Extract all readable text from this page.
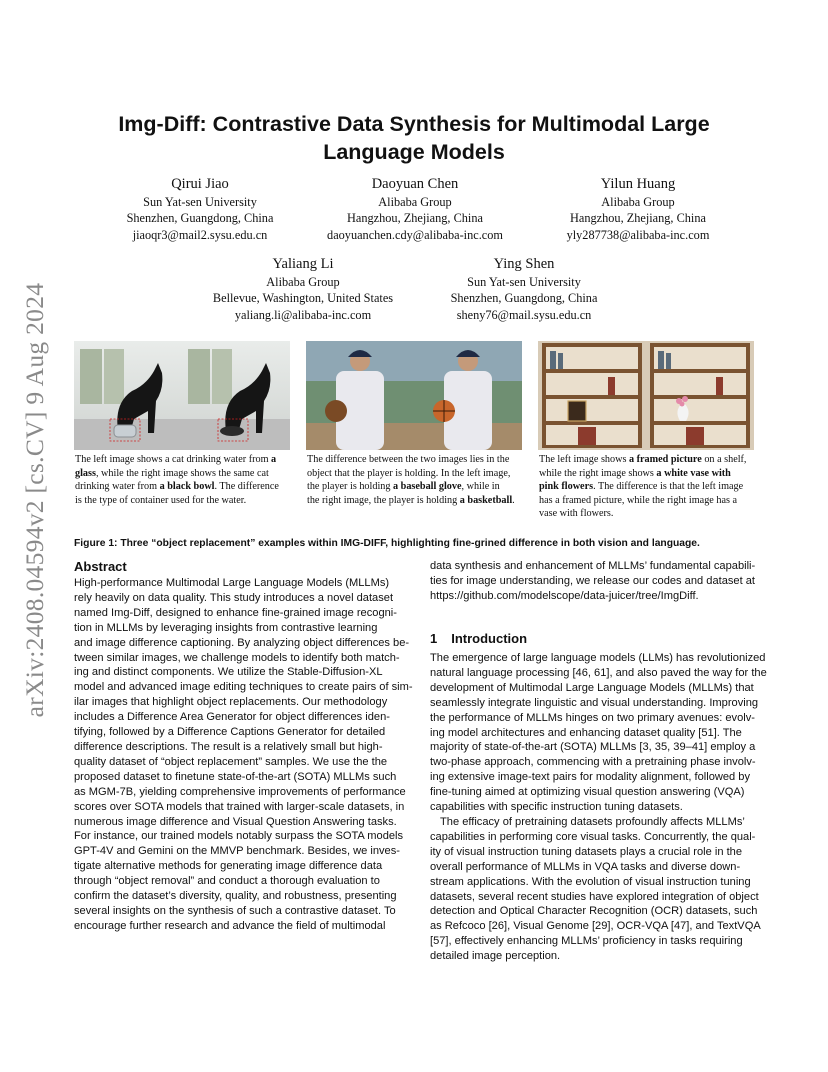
arXiv:2408.04594v2 [cs.CV] 9 Aug 2024
Img-Diff: Contrastive Data Synthesis for Multimodal Large
Language Models
Qirui Jiao
Sun Yat-sen University
Shenzhen, Guangdong, China
jiaoqr3@mail2.sysu.edu.cn
Daoyuan Chen
Alibaba Group
Hangzhou, Zhejiang, China
daoyuanchen.cdy@alibaba-inc.com
Yilun Huang
Alibaba Group
Hangzhou, Zhejiang, China
yly287738@alibaba-inc.com
Yaliang Li
Alibaba Group
Bellevue, Washington, United States
yaliang.li@alibaba-inc.com
Ying Shen
Sun Yat-sen University
Shenzhen, Guangdong, China
sheny76@mail.sysu.edu.cn
The left image shows a cat drinking water from a
glass, while the right image shows the same cat
drinking water from a black bowl. The difference
is the type of container used for the water.
The difference between the two images lies in the
object that the player is holding. In the left image,
the player is holding a baseball glove, while in
the right image, the player is holding a basketball.
The left image shows a framed picture on a shelf,
while the right image shows a white vase with
pink flowers. The difference is that the left image
has a framed picture, while the right image has a
vase with flowers.
Figure 1: Three “object replacement” examples within IMG-DIFF, highlighting fine-grined difference in both vision and language.
Abstract
High-performance Multimodal Large Language Models (MLLMs)
rely heavily on data quality. This study introduces a novel dataset
named Img-Diff, designed to enhance fine-grained image recogni-
tion in MLLMs by leveraging insights from contrastive learning
and image difference captioning. By analyzing object differences be-
tween similar images, we challenge models to identify both match-
ing and distinct components. We utilize the Stable-Diffusion-XL
model and advanced image editing techniques to create pairs of sim-
ilar images that highlight object replacements. Our methodology
includes a Difference Area Generator for object differences iden-
tifying, followed by a Difference Captions Generator for detailed
difference descriptions. The result is a relatively small but high-
quality dataset of “object replacement” samples. We use the the
proposed dataset to finetune state-of-the-art (SOTA) MLLMs such
as MGM-7B, yielding comprehensive improvements of performance
scores over SOTA models that trained with larger-scale datasets, in
numerous image difference and Visual Question Answering tasks.
For instance, our trained models notably surpass the SOTA models
GPT-4V and Gemini on the MMVP benchmark. Besides, we inves-
tigate alternative methods for generating image difference data
through “object removal” and conduct a thorough evaluation to
confirm the dataset’s diversity, quality, and robustness, presenting
several insights on the synthesis of such a contrastive dataset. To
encourage further research and advance the field of multimodal
data synthesis and enhancement of MLLMs’ fundamental capabili-
ties for image understanding, we release our codes and dataset at
https://github.com/modelscope/data-juicer/tree/ImgDiff.
1 Introduction
The emergence of large language models (LLMs) has revolutionized
natural language processing [46, 61], and also paved the way for the
development of Multimodal Large Language Models (MLLMs) that
seamlessly integrate linguistic and visual understanding. Improving
the performance of MLLMs hinges on two primary avenues: evolv-
ing model architectures and enhancing dataset quality [51]. The
majority of state-of-the-art (SOTA) MLLMs [3, 35, 39–41] employ a
two-phase approach, commencing with a pretraining phase involv-
ing extensive image-text pairs for modality alignment, followed by
fine-tuning aimed at optimizing visual question answering (VQA)
capabilities with specific instruction tuning datasets.
The efficacy of pretraining datasets profoundly affects MLLMs’
capabilities in performing core visual tasks. Concurrently, the qual-
ity of visual instruction tuning datasets plays a crucial role in the
overall performance of MLLMs in VQA tasks and diverse down-
stream applications. With the evolution of visual instruction tuning
datasets, several recent studies have explored integration of object
detection and Optical Character Recognition (OCR) datasets, such
as Refcoco [26], Visual Genome [29], OCR-VQA [47], and TextVQA
[57], effectively enhancing MLLMs’ proficiency in tasks requiring
detailed image perception.
